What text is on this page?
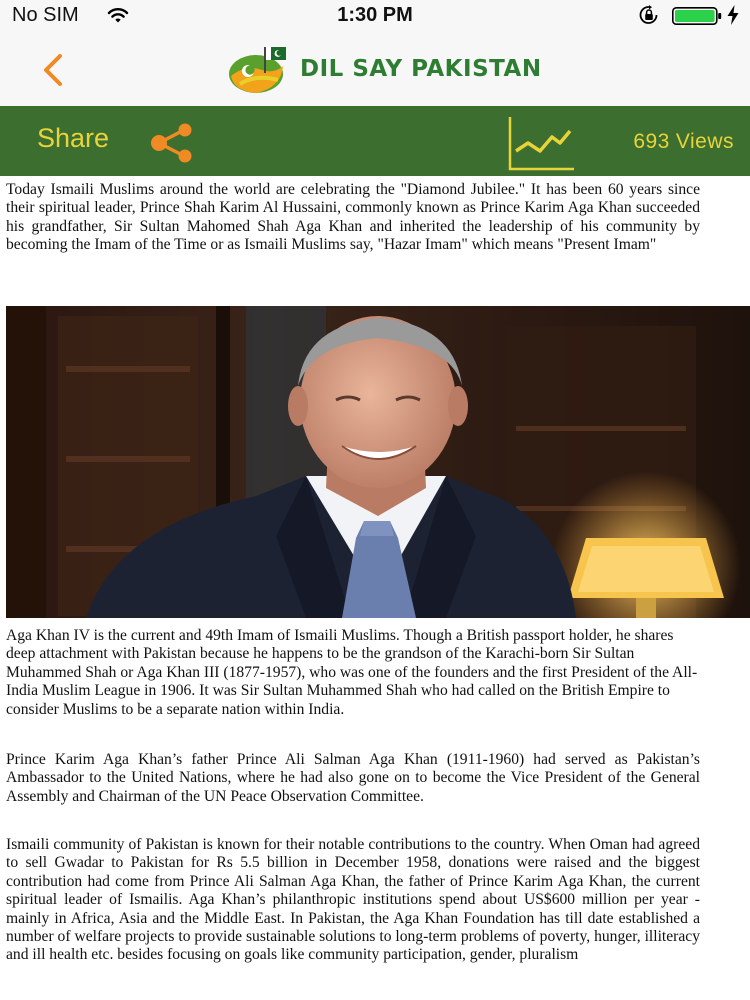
No SIM	1:30 PM
DIL SAY PAKISTAN
Share	693 Views

Today Ismaili Muslims around the world are celebrating the "Diamond Jubilee." It has been 60 years since their spiritual leader, Prince Shah Karim Al Hussaini, commonly known as Prince Karim Aga Khan succeeded his grandfather, Sir Sultan Mahomed Shah Aga Khan and inherited the leadership of his community by becoming the Imam of the Time or as Ismaili Muslims say, "Hazar Imam" which means "Present Imam"

Aga Khan IV is the current and 49th Imam of Ismaili Muslims. Though a British passport holder, he shares deep attachment with Pakistan because he happens to be the grandson of the Karachi-born Sir Sultan Muhammed Shah or Aga Khan III (1877-1957), who was one of the founders and the first President of the All-India Muslim League in 1906. It was Sir Sultan Muhammed Shah who had called on the British Empire to consider Muslims to be a separate nation within India.

Prince Karim Aga Khan’s father Prince Ali Salman Aga Khan (1911-1960) had served as Pakistan’s Ambassador to the United Nations, where he had also gone on to become the Vice President of the General Assembly and Chairman of the UN Peace Observation Committee.

Ismaili community of Pakistan is known for their notable contributions to the country. When Oman had agreed to sell Gwadar to Pakistan for Rs 5.5 billion in December 1958, donations were raised and the biggest contribution had come from Prince Ali Salman Aga Khan, the father of Prince Karim Aga Khan, the current spiritual leader of Ismailis. Aga Khan’s philanthropic institutions spend about US$600 million per year - mainly in Africa, Asia and the Middle East. In Pakistan, the Aga Khan Foundation has till date established a number of welfare projects to provide sustainable solutions to long-term problems of poverty, hunger, illiteracy and ill health etc. besides focusing on goals like community participation, gender, pluralism
